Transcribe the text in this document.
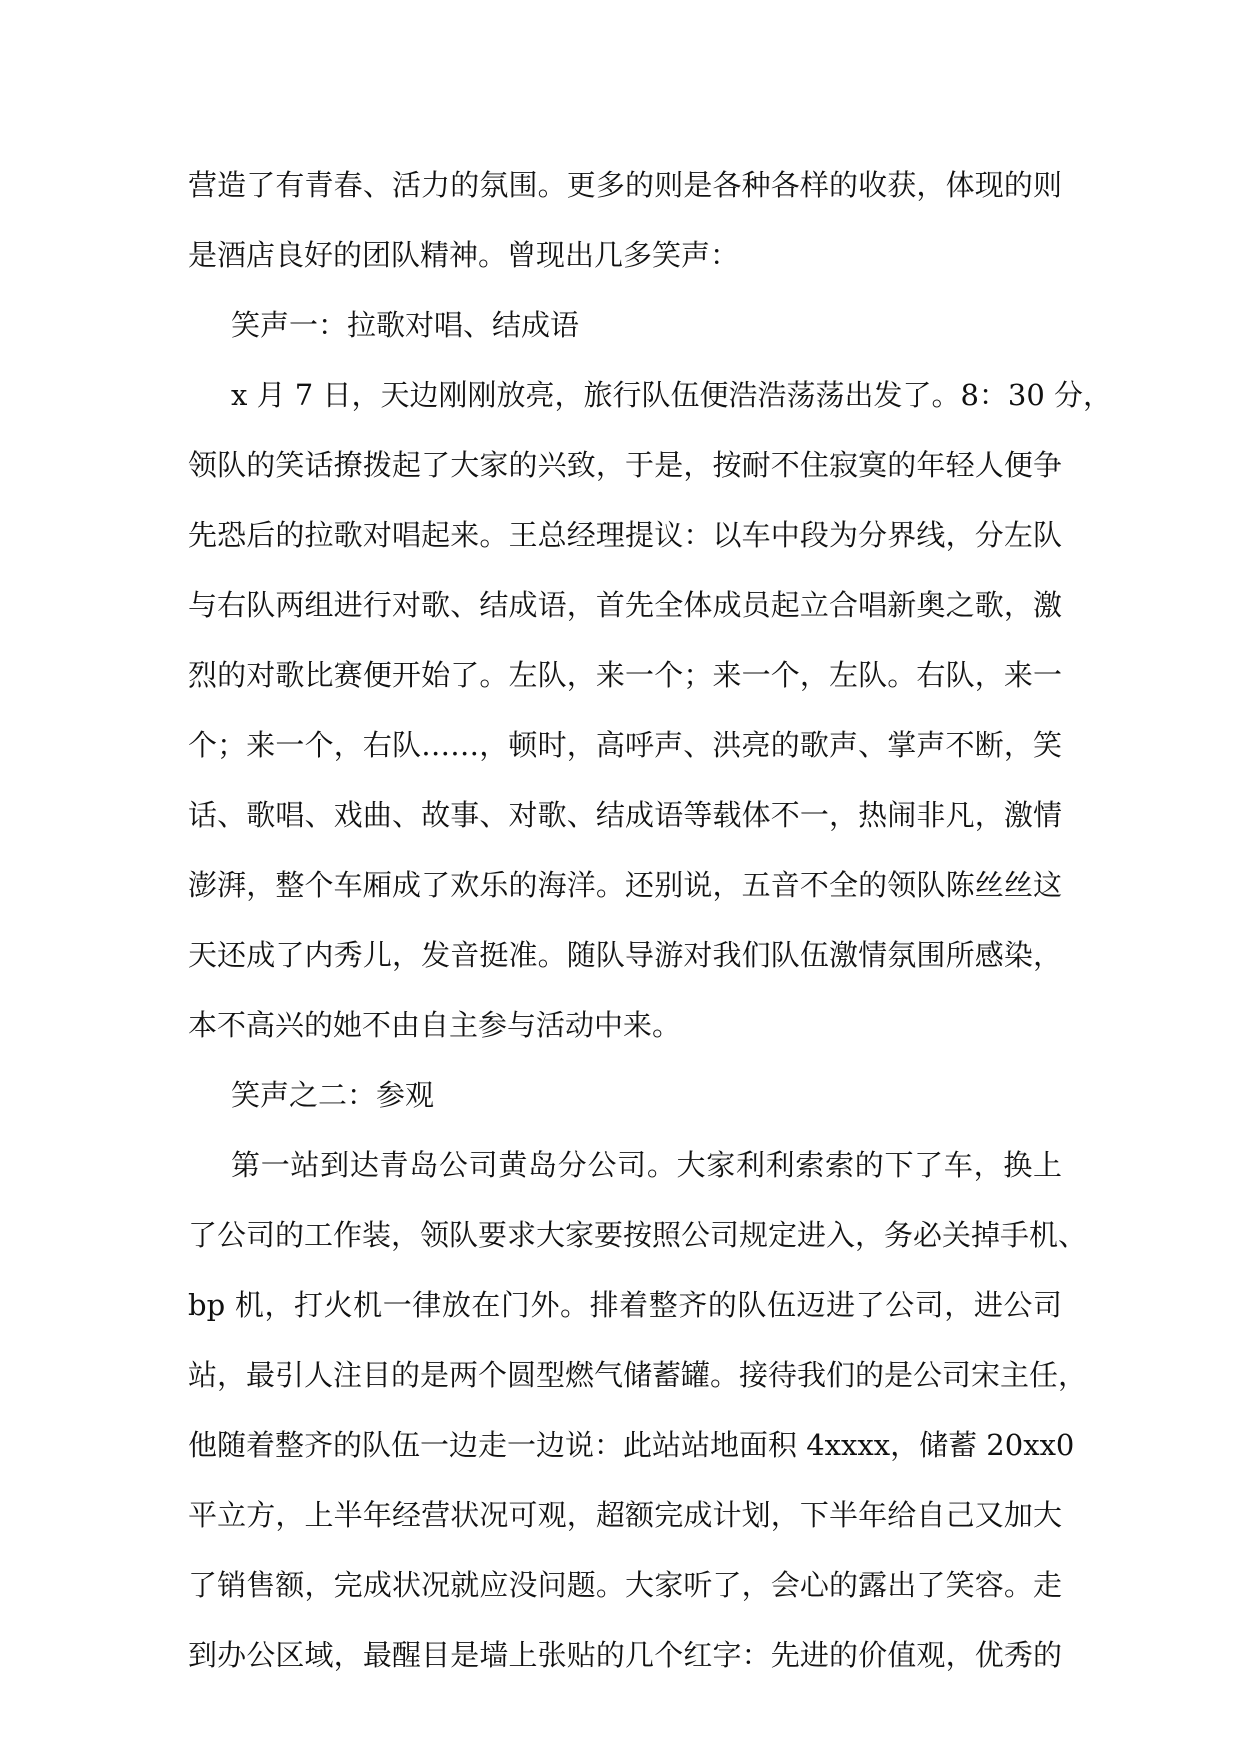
营造了有青春、活力的氛围。更多的则是各种各样的收获，体现的则
是酒店良好的团队精神。曾现出几多笑声：
笑声一：拉歌对唱、结成语
x 月 7 日，天边刚刚放亮，旅行队伍便浩浩荡荡出发了。8：30 分，
领队的笑话撩拨起了大家的兴致，于是，按耐不住寂寞的年轻人便争
先恐后的拉歌对唱起来。王总经理提议：以车中段为分界线，分左队
与右队两组进行对歌、结成语，首先全体成员起立合唱新奥之歌，激
烈的对歌比赛便开始了。左队，来一个；来一个，左队。右队，来一
个；来一个，右队……，顿时，高呼声、洪亮的歌声、掌声不断，笑
话、歌唱、戏曲、故事、对歌、结成语等载体不一，热闹非凡，激情
澎湃，整个车厢成了欢乐的海洋。还别说，五音不全的领队陈丝丝这
天还成了内秀儿，发音挺准。随队导游对我们队伍激情氛围所感染，
本不高兴的她不由自主参与活动中来。
笑声之二：参观
第一站到达青岛公司黄岛分公司。大家利利索索的下了车，换上
了公司的工作装，领队要求大家要按照公司规定进入，务必关掉手机、
bp 机，打火机一律放在门外。排着整齐的队伍迈进了公司，进公司
站，最引人注目的是两个圆型燃气储蓄罐。接待我们的是公司宋主任，
他随着整齐的队伍一边走一边说：此站站地面积 4xxxx，储蓄 20xx0
平立方，上半年经营状况可观，超额完成计划，下半年给自己又加大
了销售额，完成状况就应没问题。大家听了，会心的露出了笑容。走
到办公区域，最醒目是墙上张贴的几个红字：先进的价值观，优秀的
